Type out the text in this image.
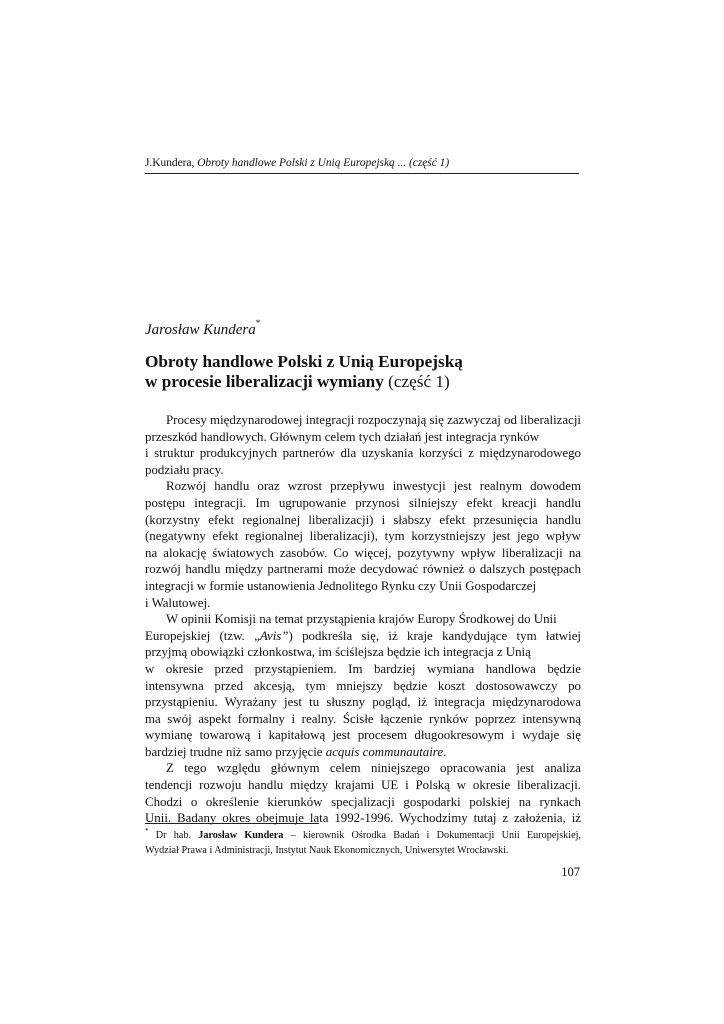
J.Kundera, Obroty handlowe Polski z Unią Europejską ... (część 1)
Jarosław Kundera*
Obroty handlowe Polski z Unią Europejską
w procesie liberalizacji wymiany (część 1)

Procesy międzynarodowej integracji rozpoczynają się zazwyczaj od liberalizacji
przeszkód handlowych. Głównym celem tych działań jest integracja rynków
i struktur produkcyjnych partnerów dla uzyskania korzyści z międzynarodowego
podziału pracy.

Rozwój handlu oraz wzrost przepływu inwestycji jest realnym dowodem
postępu integracji. Im ugrupowanie przynosi silniejszy efekt kreacji handlu
(korzystny efekt regionalnej liberalizacji) i słabszy efekt przesunięcia handlu
(negatywny efekt regionalnej liberalizacji), tym korzystniejszy jest jego wpływ
na alokację światowych zasobów. Co więcej, pozytywny wpływ liberalizacji na
rozwój handlu między partnerami może decydować również o dalszych postępach
integracji w formie ustanowienia Jednolitego Rynku czy Unii Gospodarczej
i Walutowej.

W opinii Komisji na temat przystąpienia krajów Europy Środkowej do Unii
Europejskiej (tzw. „Avis”) podkreśla się, iż kraje kandydujące tym łatwiej
przyjmą obowiązki członkostwa, im ściślejsza będzie ich integracja z Unią
w okresie przed przystąpieniem. Im bardziej wymiana handlowa będzie
intensywna przed akcesją, tym mniejszy będzie koszt dostosowawczy po
przystąpieniu. Wyrażany jest tu słuszny pogląd, iż integracja międzynarodowa
ma swój aspekt formalny i realny. Ścisłe łączenie rynków poprzez intensywną
wymianę towarową i kapitałową jest procesem długookresowym i wydaje się
bardziej trudne niż samo przyjęcie acquis communautaire.

Z tego względu głównym celem niniejszego opracowania jest analiza
tendencji rozwoju handlu między krajami UE i Polską w okresie liberalizacji.
Chodzi o określenie kierunków specjalizacji gospodarki polskiej na rynkach
Unii. Badany okres obejmuje lata 1992-1996. Wychodzimy tutaj z założenia, iż

* Dr hab. Jarosław Kundera – kierownik Ośrodka Badań i Dokumentacji Unii Europejskiej,
Wydział Prawa i Administracji, Instytut Nauk Ekonomicznych, Uniwersytet Wrocławski.
107
